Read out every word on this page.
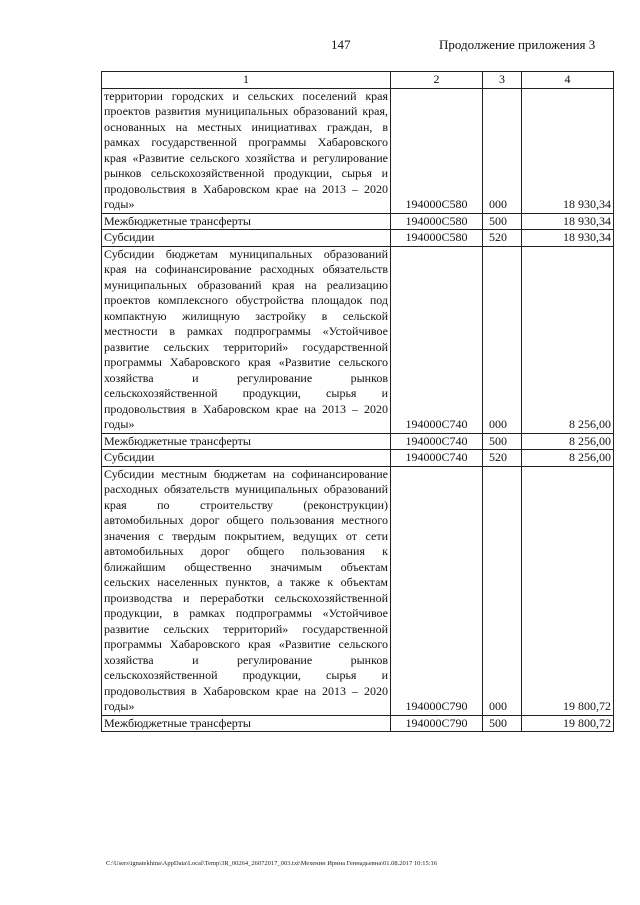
147	Продолжение приложения 3
1	2	3	4
территории городских и сельских поселений края проектов развития муниципальных образований края, основанных на местных инициативах граждан, в рамках государственной программы Хабаровского края «Развитие сельского хозяйства и регулирование рынков сельскохозяйственной продукции, сырья и продовольствия в Хабаровском крае на 2013 – 2020 годы»	194000С580	000	18 930,34
Межбюджетные трансферты	194000С580	500	18 930,34
Субсидии	194000С580	520	18 930,34
Субсидии бюджетам муниципальных образований края на софинансирование расходных обязательств муниципальных образований края на реализацию проектов комплексного обустройства площадок под компактную жилищную застройку в сельской местности в рамках подпрограммы «Устойчивое развитие сельских территорий» государственной программы Хабаровского края «Развитие сельского хозяйства и регулирование рынков сельскохозяйственной продукции, сырья и продовольствия в Хабаровском крае на 2013 – 2020 годы»	194000С740	000	8 256,00
Межбюджетные трансферты	194000С740	500	8 256,00
Субсидии	194000С740	520	8 256,00
Субсидии местным бюджетам на софинансирование расходных обязательств муниципальных образований края по строительству (реконструкции) автомобильных дорог общего пользования местного значения с твердым покрытием, ведущих от сети автомобильных дорог общего пользования к ближайшим общественно значимым объектам сельских населенных пунктов, а также к объектам производства и переработки сельскохозяйственной продукции, в рамках подпрограммы «Устойчивое развитие сельских территорий» государственной программы Хабаровского края «Развитие сельского хозяйства и регулирование рынков сельскохозяйственной продукции, сырья и продовольствия в Хабаровском крае на 2013 – 2020 годы»	194000С790	000	19 800,72
Межбюджетные трансферты	194000С790	500	19 800,72
C:\Users\ignatekhina\AppData\Local\Temp\3R_00264_26072017_003.txt\Мехенин Ирина Геннадьевна\01.08.2017 10:15:16
